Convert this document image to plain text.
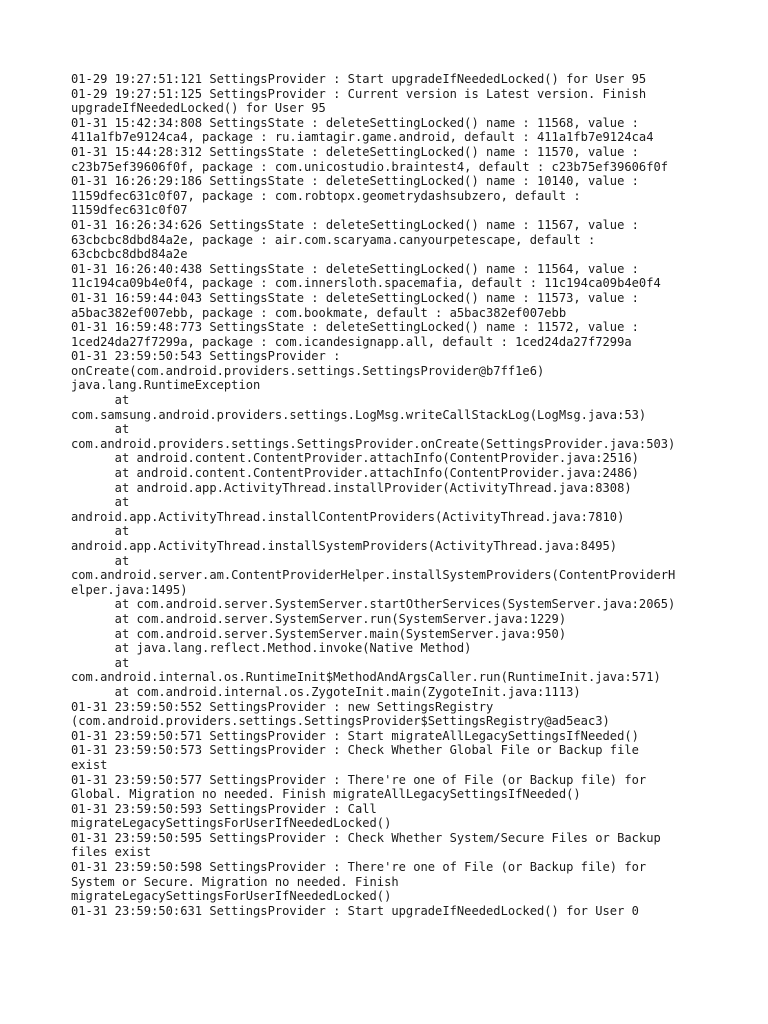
01-29 19:27:51:121 SettingsProvider : Start upgradeIfNeededLocked() for User 95
01-29 19:27:51:125 SettingsProvider : Current version is Latest version. Finish
upgradeIfNeededLocked() for User 95
01-31 15:42:34:808 SettingsState : deleteSettingLocked() name : 11568, value :
411a1fb7e9124ca4, package : ru.iamtagir.game.android, default : 411a1fb7e9124ca4
01-31 15:44:28:312 SettingsState : deleteSettingLocked() name : 11570, value :
c23b75ef39606f0f, package : com.unicostudio.braintest4, default : c23b75ef39606f0f
01-31 16:26:29:186 SettingsState : deleteSettingLocked() name : 10140, value :
1159dfec631c0f07, package : com.robtopx.geometrydashsubzero, default :
1159dfec631c0f07
01-31 16:26:34:626 SettingsState : deleteSettingLocked() name : 11567, value :
63cbcbc8dbd84a2e, package : air.com.scaryama.canyourpetescape, default :
63cbcbc8dbd84a2e
01-31 16:26:40:438 SettingsState : deleteSettingLocked() name : 11564, value :
11c194ca09b4e0f4, package : com.innersloth.spacemafia, default : 11c194ca09b4e0f4
01-31 16:59:44:043 SettingsState : deleteSettingLocked() name : 11573, value :
a5bac382ef007ebb, package : com.bookmate, default : a5bac382ef007ebb
01-31 16:59:48:773 SettingsState : deleteSettingLocked() name : 11572, value :
1ced24da27f7299a, package : com.icandesignapp.all, default : 1ced24da27f7299a
01-31 23:59:50:543 SettingsProvider :
onCreate(com.android.providers.settings.SettingsProvider@b7ff1e6)
java.lang.RuntimeException
at
com.samsung.android.providers.settings.LogMsg.writeCallStackLog(LogMsg.java:53)
at
com.android.providers.settings.SettingsProvider.onCreate(SettingsProvider.java:503)
at android.content.ContentProvider.attachInfo(ContentProvider.java:2516)
at android.content.ContentProvider.attachInfo(ContentProvider.java:2486)
at android.app.ActivityThread.installProvider(ActivityThread.java:8308)
at
android.app.ActivityThread.installContentProviders(ActivityThread.java:7810)
at
android.app.ActivityThread.installSystemProviders(ActivityThread.java:8495)
at
com.android.server.am.ContentProviderHelper.installSystemProviders(ContentProviderH
elper.java:1495)
at com.android.server.SystemServer.startOtherServices(SystemServer.java:2065)
at com.android.server.SystemServer.run(SystemServer.java:1229)
at com.android.server.SystemServer.main(SystemServer.java:950)
at java.lang.reflect.Method.invoke(Native Method)
at
com.android.internal.os.RuntimeInit$MethodAndArgsCaller.run(RuntimeInit.java:571)
at com.android.internal.os.ZygoteInit.main(ZygoteInit.java:1113)
01-31 23:59:50:552 SettingsProvider : new SettingsRegistry
(com.android.providers.settings.SettingsProvider$SettingsRegistry@ad5eac3)
01-31 23:59:50:571 SettingsProvider : Start migrateAllLegacySettingsIfNeeded()
01-31 23:59:50:573 SettingsProvider : Check Whether Global File or Backup file
exist
01-31 23:59:50:577 SettingsProvider : There're one of File (or Backup file) for
Global. Migration no needed. Finish migrateAllLegacySettingsIfNeeded()
01-31 23:59:50:593 SettingsProvider : Call
migrateLegacySettingsForUserIfNeededLocked()
01-31 23:59:50:595 SettingsProvider : Check Whether System/Secure Files or Backup
files exist
01-31 23:59:50:598 SettingsProvider : There're one of File (or Backup file) for
System or Secure. Migration no needed. Finish
migrateLegacySettingsForUserIfNeededLocked()
01-31 23:59:50:631 SettingsProvider : Start upgradeIfNeededLocked() for User 0
